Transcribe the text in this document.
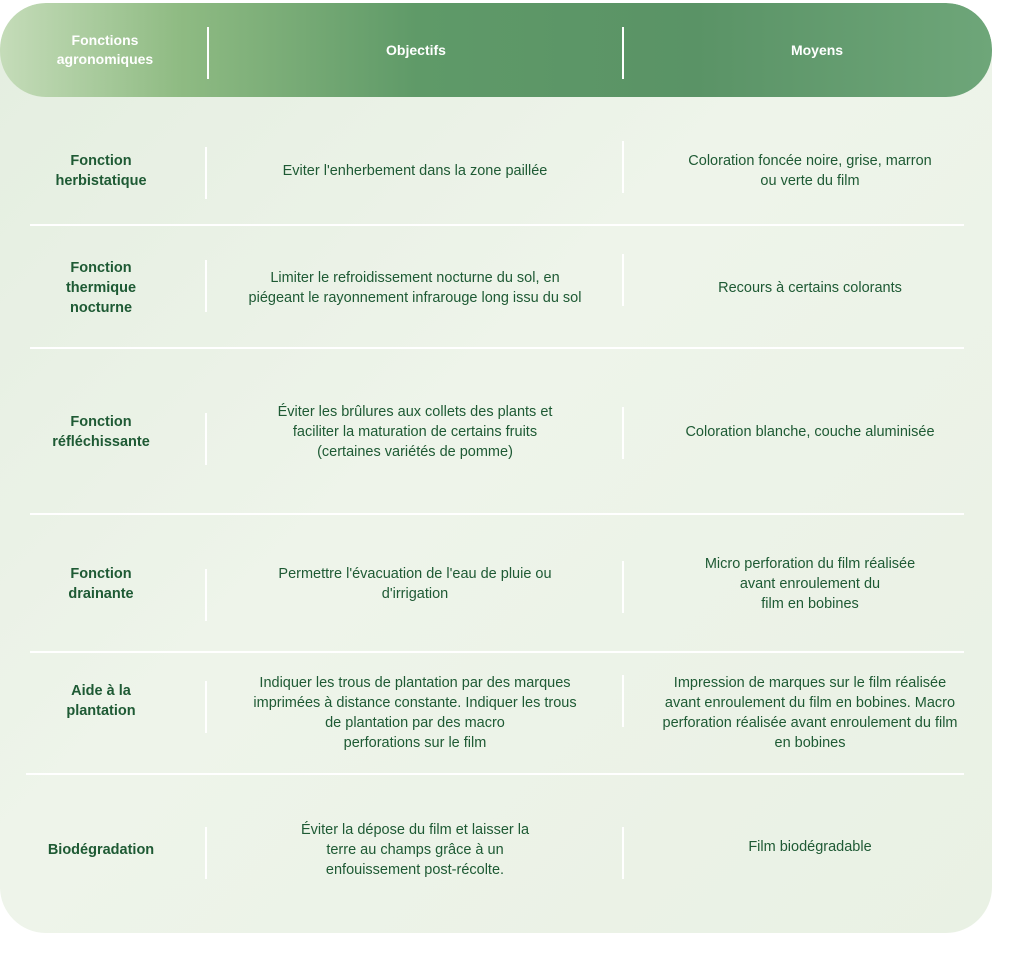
Fonctions
agronomiques
Objectifs	Moyens
Fonction
herbistatique
Eviter l'enherbement dans la zone paillée
Coloration foncée noire, grise, marron
ou verte du film
Fonction
thermique
nocturne
Limiter le refroidissement nocturne du sol, en
piégeant le rayonnement infrarouge long issu du sol
Recours à certains colorants
Fonction
réfléchissante
Éviter les brûlures aux collets des plants et
faciliter la maturation de certains fruits
(certaines variétés de pomme)
Coloration blanche, couche aluminisée
Fonction
drainante
Permettre l'évacuation de l'eau de pluie ou
d'irrigation
Micro perforation du film réalisée
avant enroulement du
film en bobines
Aide à la
plantation
Indiquer les trous de plantation par des marques
imprimées à distance constante. Indiquer les trous
de plantation par des macro
perforations sur le film
Impression de marques sur le film réalisée
avant enroulement du film en bobines. Macro
perforation réalisée avant enroulement du film
en bobines
Biodégradation
Éviter la dépose du film et laisser la
terre au champs grâce à un
enfouissement post-récolte.
Film biodégradable
